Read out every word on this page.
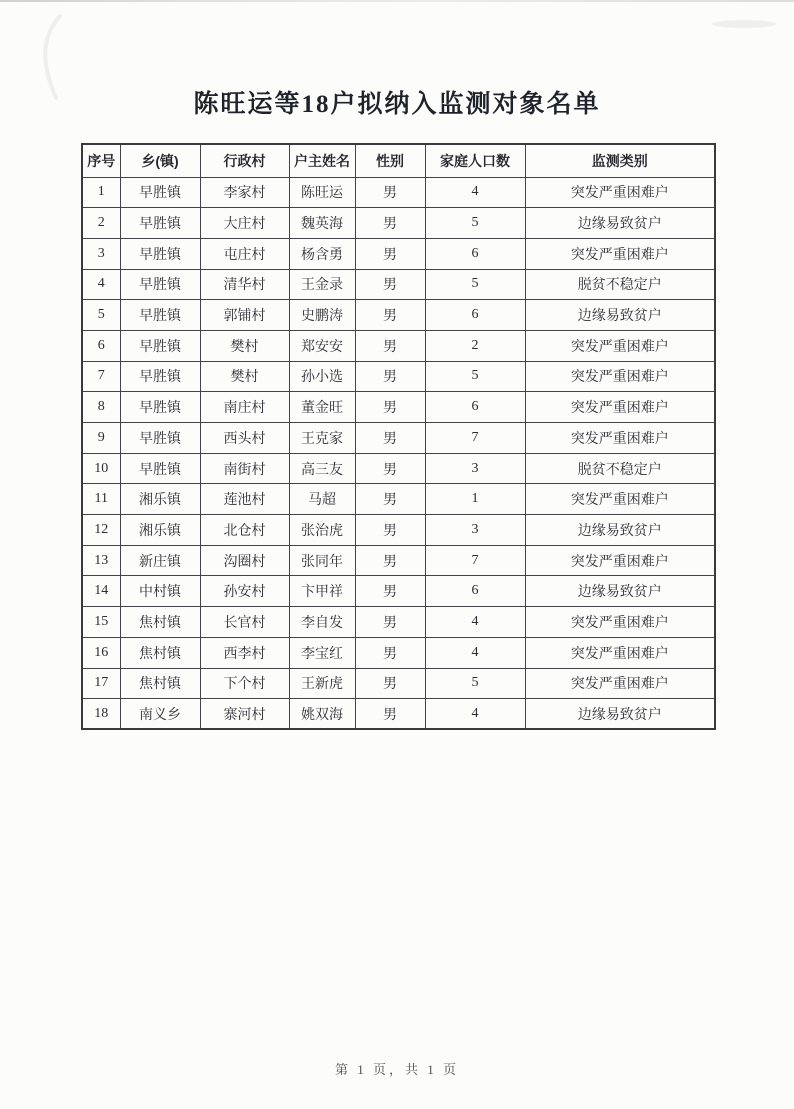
陈旺运等18户拟纳入监测对象名单
序号	乡(镇)	行政村	户主姓名	性别	家庭人口数	监测类别
1	早胜镇	李家村	陈旺运	男	4	突发严重困难户
2	早胜镇	大庄村	魏英海	男	5	边缘易致贫户
3	早胜镇	屯庄村	杨含勇	男	6	突发严重困难户
4	早胜镇	清华村	王金录	男	5	脱贫不稳定户
5	早胜镇	郭铺村	史鹏涛	男	6	边缘易致贫户
6	早胜镇	樊村	郑安安	男	2	突发严重困难户
7	早胜镇	樊村	孙小选	男	5	突发严重困难户
8	早胜镇	南庄村	董金旺	男	6	突发严重困难户
9	早胜镇	西头村	王克家	男	7	突发严重困难户
10	早胜镇	南街村	高三友	男	3	脱贫不稳定户
11	湘乐镇	莲池村	马超	男	1	突发严重困难户
12	湘乐镇	北仓村	张治虎	男	3	边缘易致贫户
13	新庄镇	沟圈村	张同年	男	7	突发严重困难户
14	中村镇	孙安村	卞甲祥	男	6	边缘易致贫户
15	焦村镇	长官村	李自发	男	4	突发严重困难户
16	焦村镇	西李村	李宝红	男	4	突发严重困难户
17	焦村镇	下个村	王新虎	男	5	突发严重困难户
18	南义乡	寨河村	姚双海	男	4	边缘易致贫户
第 1 页，共 1 页
